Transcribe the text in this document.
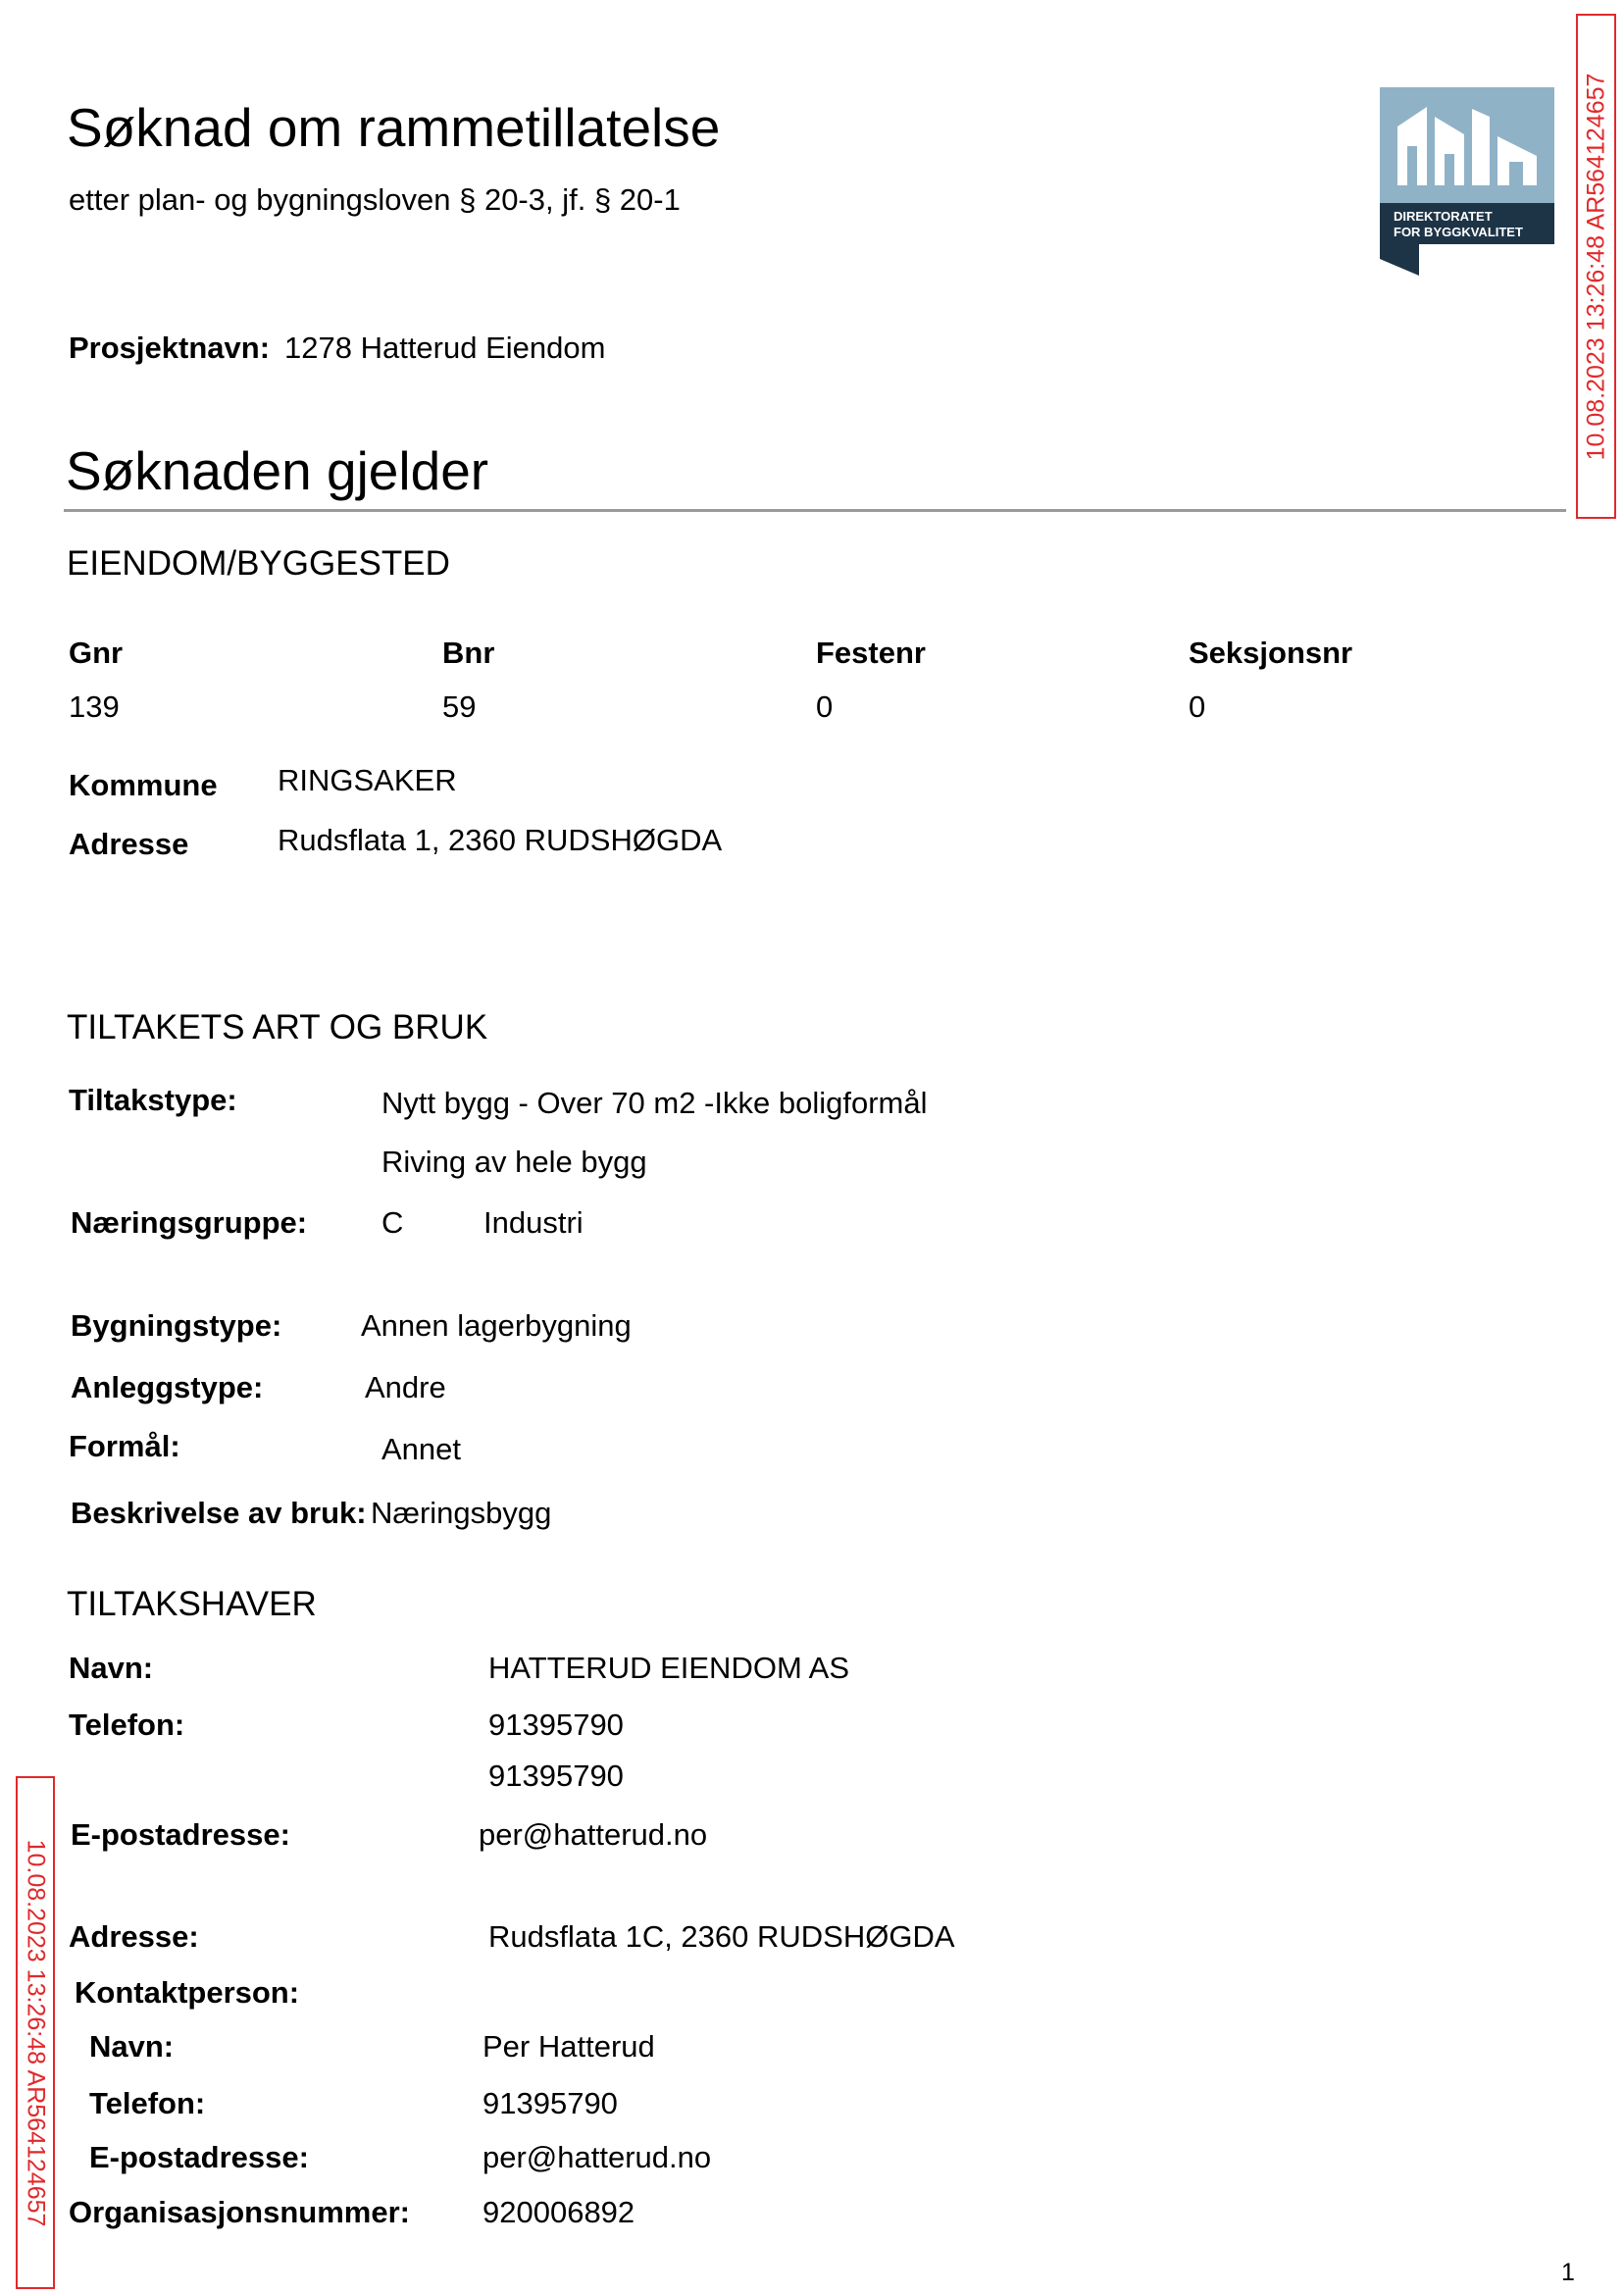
Søknad om rammetillatelse
etter plan- og bygningsloven § 20-3, jf. § 20-1	DIREKTORATET
FOR BYGGKVALITET 10.08.2023 13:26:48 AR564124657
10.08.2023 13:26:48 AR564124657
Prosjektnavn: 1278 Hatterud Eiendom
Søknaden gjelder
EIENDOM/BYGGESTED
Gnr	Bnr	Festenr	Seksjonsnr
139	59	0	0
Kommune RINGSAKER
Adresse	Rudsflata 1, 2360 RUDSHØGDA
TILTAKETS ART OG BRUK
Tiltakstype:	Nytt bygg - Over 70 m2 -Ikke boligformål
Riving av hele bygg
Næringsgruppe: C	Industri
Bygningstype:	Annen lagerbygning
Anleggstype:	Andre
Formål:	Annet
Beskrivelse av bruk: Næringsbygg
TILTAKSHAVER
Navn:	HATTERUD EIENDOM AS
Telefon:	91395790
91395790
E-postadresse:	per@hatterud.no
Adresse:	Rudsflata 1C, 2360 RUDSHØGDA
Kontaktperson:
Navn:	Per Hatterud
Telefon:	91395790
E-postadresse:	per@hatterud.no
Organisasjonsnummer: 920006892
1
